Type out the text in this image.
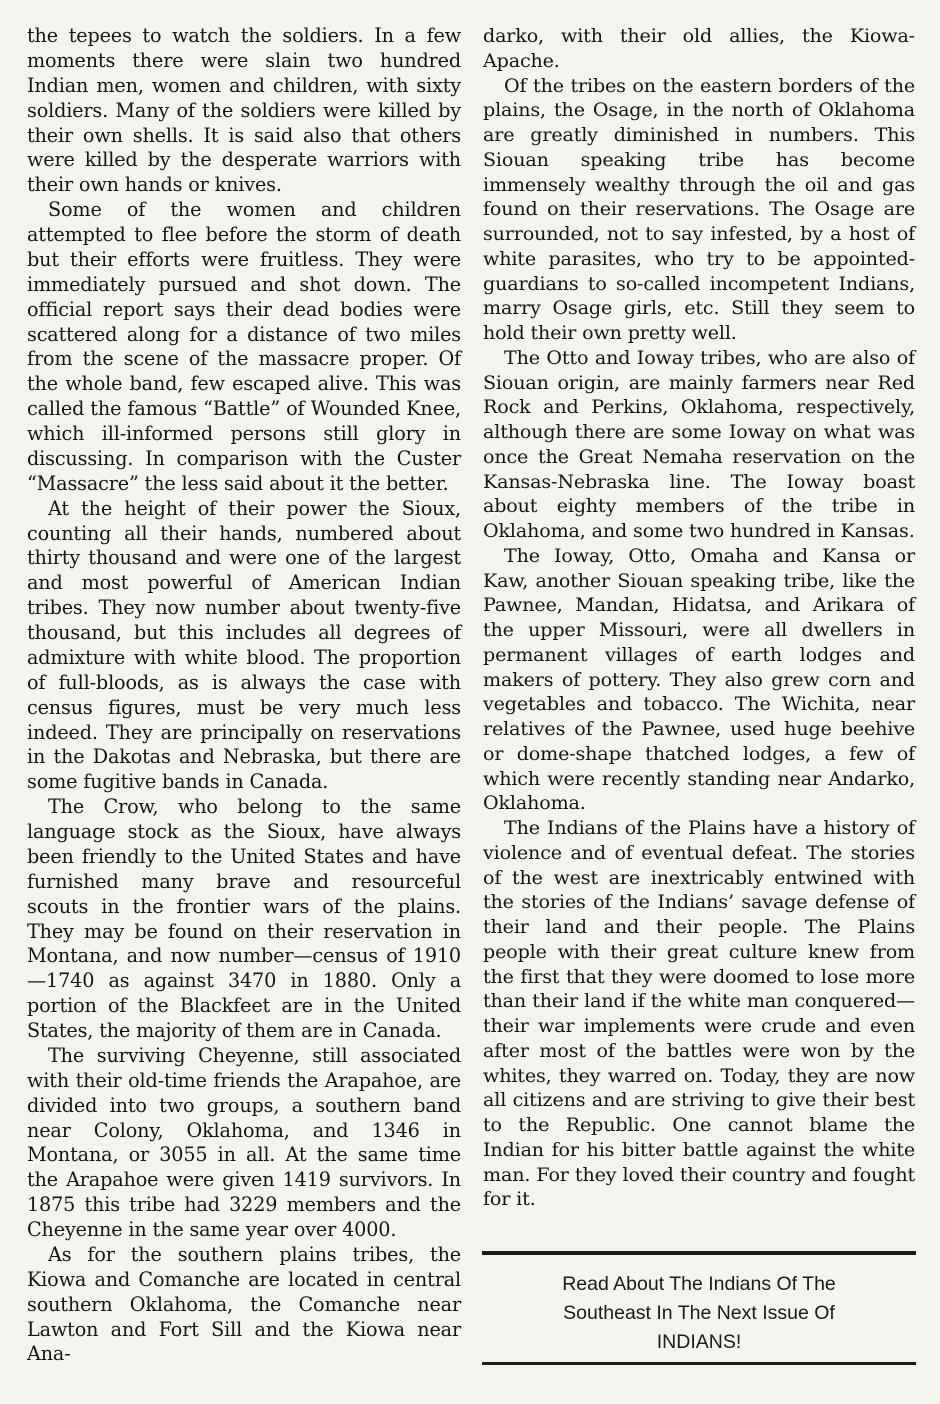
the tepees to watch the soldiers. In a few moments there were slain two hundred Indian men, women and children, with sixty soldiers. Many of the soldiers were killed by their own shells. It is said also that others were killed by the desperate warriors with their own hands or knives.

Some of the women and children attempted to flee before the storm of death but their efforts were fruitless. They were immediately pursued and shot down. The official report says their dead bodies were scattered along for a distance of two miles from the scene of the massacre proper. Of the whole band, few escaped alive. This was called the famous “Battle” of Wounded Knee, which ill-informed persons still glory in discussing. In comparison with the Custer “Massacre” the less said about it the better.

At the height of their power the Sioux, counting all their hands, numbered about thirty thousand and were one of the largest and most powerful of American Indian tribes. They now number about twenty-five thousand, but this includes all degrees of admixture with white blood. The proportion of full-bloods, as is always the case with census figures, must be very much less indeed. They are principally on reservations in the Dakotas and Nebraska, but there are some fugitive bands in Canada.

The Crow, who belong to the same language stock as the Sioux, have always been friendly to the United States and have furnished many brave and resourceful scouts in the frontier wars of the plains. They may be found on their reservation in Montana, and now number—census of 1910—1740 as against 3470 in 1880. Only a portion of the Blackfeet are in the United States, the majority of them are in Canada.

The surviving Cheyenne, still associated with their old-time friends the Arapahoe, are divided into two groups, a southern band near Colony, Oklahoma, and 1346 in Montana, or 3055 in all. At the same time the Arapahoe were given 1419 survivors. In 1875 this tribe had 3229 members and the Cheyenne in the same year over 4000.

As for the southern plains tribes, the Kiowa and Comanche are located in central southern Oklahoma, the Comanche near Lawton and Fort Sill and the Kiowa near Ana-

darko, with their old allies, the Kiowa-Apache.

Of the tribes on the eastern borders of the plains, the Osage, in the north of Oklahoma are greatly diminished in numbers. This Siouan speaking tribe has become immensely wealthy through the oil and gas found on their reservations. The Osage are surrounded, not to say infested, by a host of white parasites, who try to be appointed-guardians to so-called incompetent Indians, marry Osage girls, etc. Still they seem to hold their own pretty well.

The Otto and Ioway tribes, who are also of Siouan origin, are mainly farmers near Red Rock and Perkins, Oklahoma, respectively, although there are some Ioway on what was once the Great Nemaha reservation on the Kansas-Nebraska line. The Ioway boast about eighty members of the tribe in Oklahoma, and some two hundred in Kansas.

The Ioway, Otto, Omaha and Kansa or Kaw, another Siouan speaking tribe, like the Pawnee, Mandan, Hidatsa, and Arikara of the upper Missouri, were all dwellers in permanent villages of earth lodges and makers of pottery. They also grew corn and vegetables and tobacco. The Wichita, near relatives of the Pawnee, used huge beehive or dome-shape thatched lodges, a few of which were recently standing near Andarko, Oklahoma.

The Indians of the Plains have a history of violence and of eventual defeat. The stories of the west are inextricably entwined with the stories of the Indians’ savage defense of their land and their people. The Plains people with their great culture knew from the first that they were doomed to lose more than their land if the white man conquered—their war implements were crude and even after most of the battles were won by the whites, they warred on. Today, they are now all citizens and are striving to give their best to the Republic. One cannot blame the Indian for his bitter battle against the white man. For they loved their country and fought for it.

Read About The Indians Of The
Southeast In The Next Issue Of
INDIANS!
